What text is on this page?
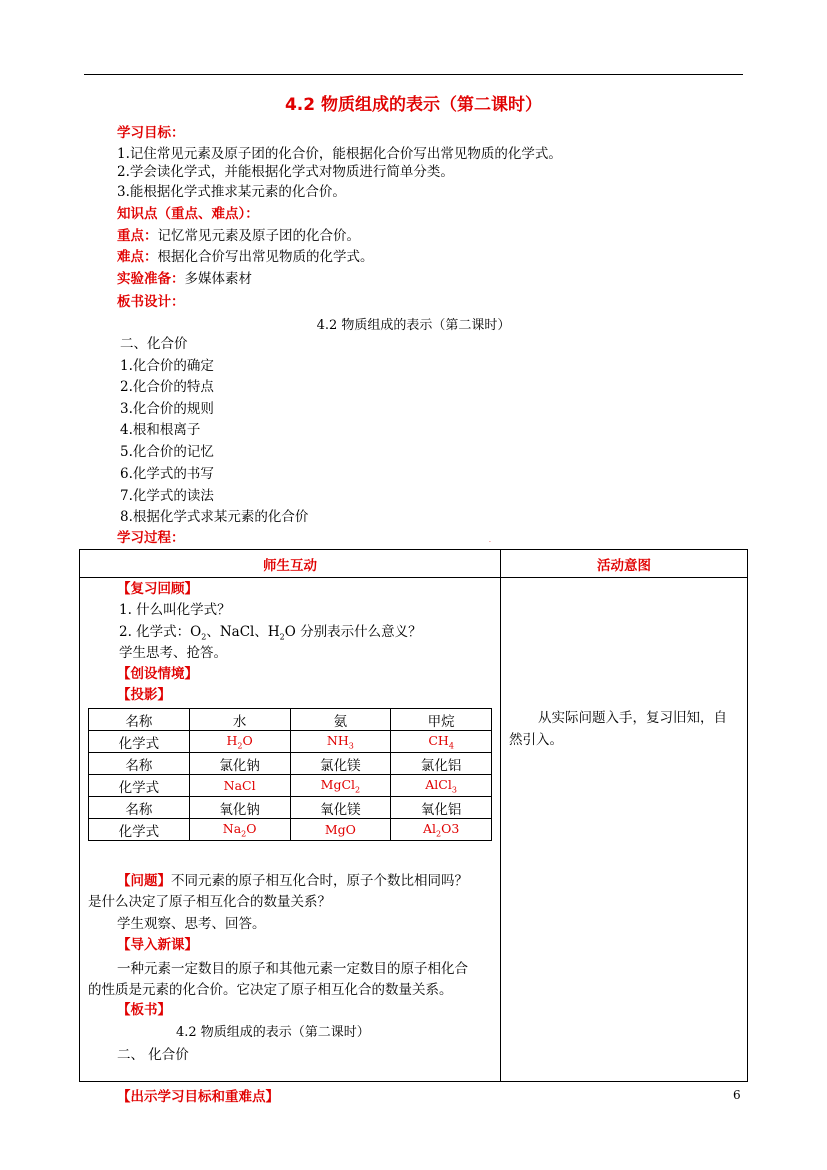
4.2 物质组成的表示（第二课时）
学习目标：
1.记住常见元素及原子团的化合价，能根据化合价写出常见物质的化学式。
2.学会读化学式，并能根据化学式对物质进行简单分类。
3.能根据化学式推求某元素的化合价。
知识点（重点、难点）：
重点：记忆常见元素及原子团的化合价。
难点：根据化合价写出常见物质的化学式。
实验准备：多媒体素材
板书设计：
4.2 物质组成的表示（第二课时）
二、化合价
1.化合价的确定
2.化合价的特点
3.化合价的规则
4.根和根离子
5.化合价的记忆
6.化学式的书写
7.化学式的读法
8.根据化学式求某元素的化合价
学习过程：	.
师生互动	活动意图

【复习回顾】
1. 什么叫化学式？
2. 化学式：$O_2$、NaCl、$H_2O$ 分别表示什么意义？
学生思考、抢答。
【创设情境】
【投影】
名称	水	氨	甲烷
化学式	$H_2O$	$NH_3$	$CH_4$
名称	氯化钠	氯化镁	氯化铝
化学式	NaCl	MgCl$_2$	AlCl$_3$
名称	氧化钠	氧化镁	氧化铝
化学式	$Na_2O$	MgO	$Al_2O3$
【问题】不同元素的原子相互化合时，原子个数比相同吗？
是什么决定了原子相互化合的数量关系？
学生观察、思考、回答。
【导入新课】
一种元素一定数目的原子和其他元素一定数目的原子相化合
的性质是元素的化合价。它决定了原子相互化合的数量关系。
【板书】
4.2 物质组成的表示（第二课时）
二、 化合价
【出示学习目标和重难点】

从实际问题入手，复习旧知，自
然引入。
6
